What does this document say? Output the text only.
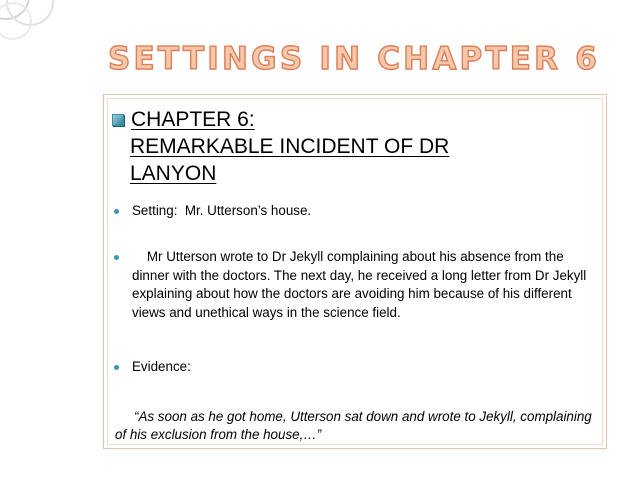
SETTINGS IN CHAPTER 6
CHAPTER 6:
REMARKABLE INCIDENT OF DR
LANYON
Setting:  Mr. Utterson’s house.
Mr Utterson wrote to Dr Jekyll complaining about his absence from the dinner with the doctors. The next day, he received a long letter from Dr Jekyll explaining about how the doctors are avoiding him because of his different views and unethical ways in the science field.
Evidence:
“As soon as he got home, Utterson sat down and wrote to Jekyll, complaining of his exclusion from the house,…”
